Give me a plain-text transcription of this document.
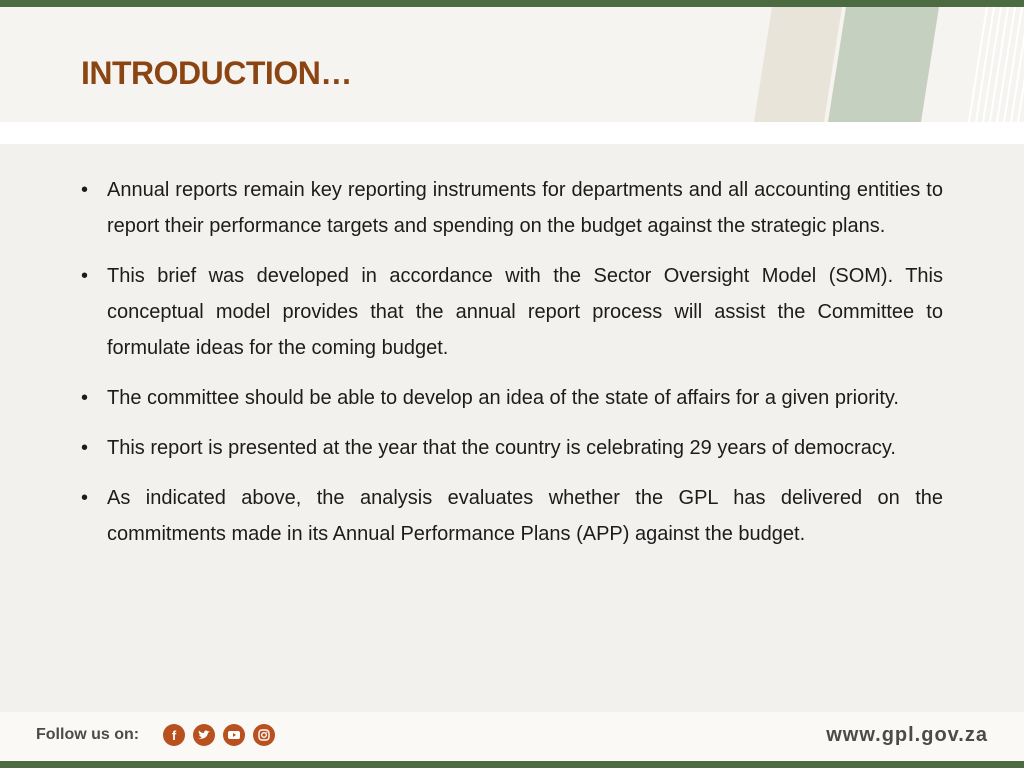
INTRODUCTION…
• Annual reports remain key reporting instruments for departments and all accounting entities to report their performance targets and spending on the budget against the strategic plans.
• This brief was developed in accordance with the Sector Oversight Model (SOM). This conceptual model provides that the annual report process will assist the Committee to formulate ideas for the coming budget.
• The committee should be able to develop an idea of the state of affairs for a given priority.
• This report is presented at the year that the country is celebrating 29 years of democracy.
• As indicated above, the analysis evaluates whether the GPL has delivered on the commitments made in its Annual Performance Plans (APP) against the budget.
Follow us on:	f	www.gpl.gov.za
